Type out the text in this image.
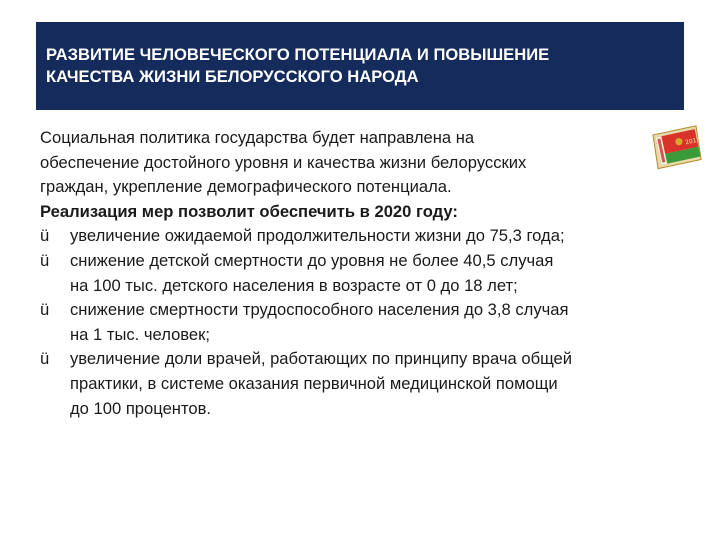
РАЗВИТИЕ ЧЕЛОВЕЧЕСКОГО ПОТЕНЦИАЛА И ПОВЫШЕНИЕ
КАЧЕСТВА ЖИЗНИ БЕЛОРУССКОГО НАРОДА
2015

Социальная политика государства будет направлена на
обеспечение достойного уровня и качества жизни белорусских
граждан, укрепление демографического потенциала.

Реализация мер позволит обеспечить в 2020 году:

ü	увеличение ожидаемой продолжительности жизни до 75,3 года;
ü	снижение детской смертности до уровня не более 40,5 случая
на 100 тыс. детского населения в возрасте от 0 до 18 лет;
ü	снижение смертности трудоспособного населения до 3,8 случая
на 1 тыс. человек;
ü	увеличение доли врачей, работающих по принципу врача общей
практики, в системе оказания первичной медицинской помощи
до 100 процентов.
